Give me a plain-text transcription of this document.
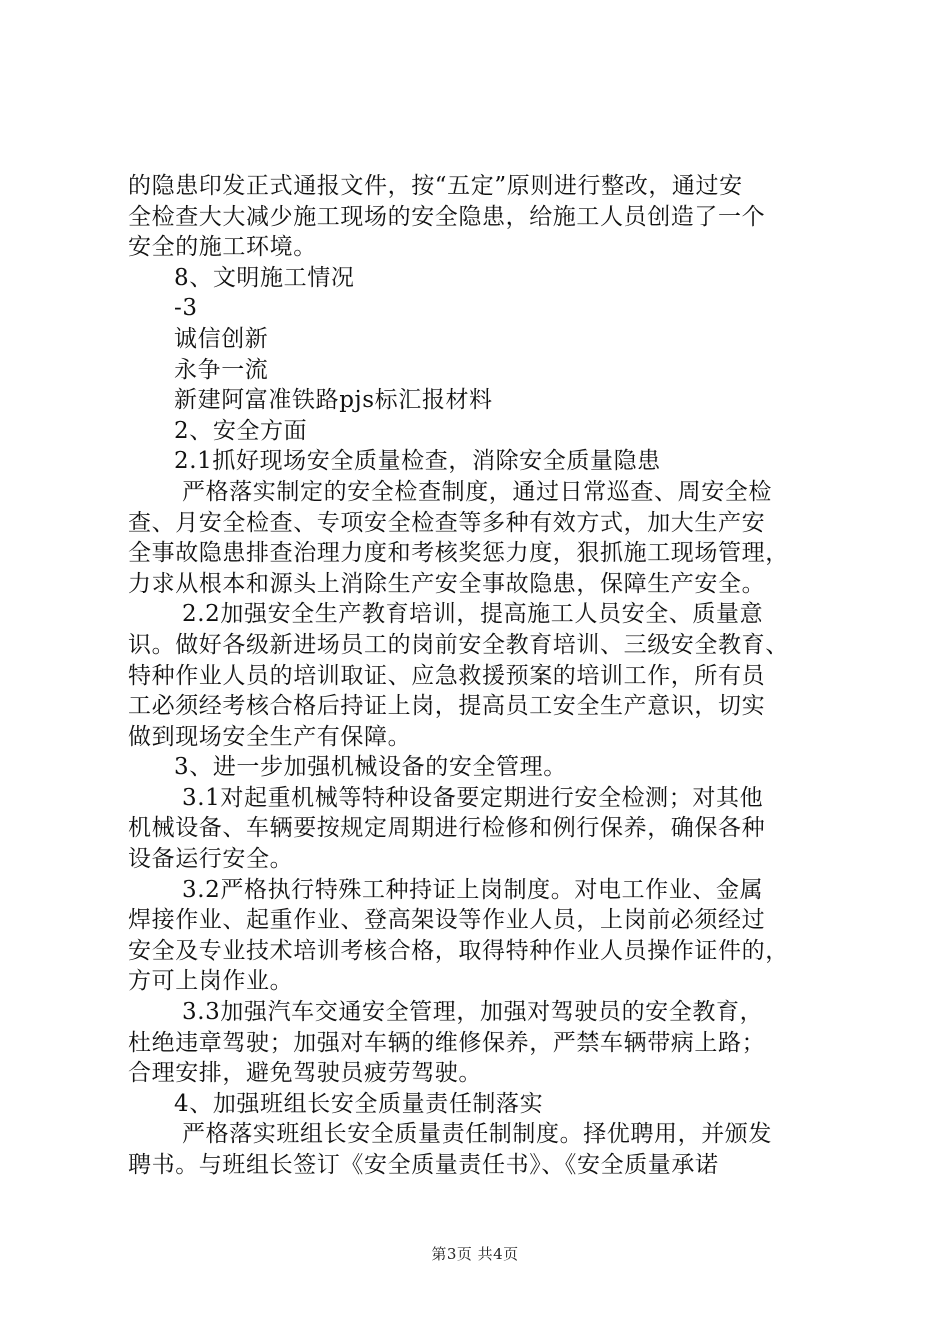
的隐患印发正式通报文件，按“五定”原则进行整改，通过安
全检查大大减少施工现场的安全隐患，给施工人员创造了一个
安全的施工环境。
8、文明施工情况
-3
诚信创新
永争一流
新建阿富准铁路pjs标汇报材料
2、安全方面
2.1抓好现场安全质量检查，消除安全质量隐患
严格落实制定的安全检查制度，通过日常巡查、周安全检
查、月安全检查、专项安全检查等多种有效方式，加大生产安
全事故隐患排查治理力度和考核奖惩力度，狠抓施工现场管理，
力求从根本和源头上消除生产安全事故隐患，保障生产安全。
2.2加强安全生产教育培训，提高施工人员安全、质量意
识。做好各级新进场员工的岗前安全教育培训、三级安全教育、
特种作业人员的培训取证、应急救援预案的培训工作，所有员
工必须经考核合格后持证上岗，提高员工安全生产意识，切实
做到现场安全生产有保障。
3、进一步加强机械设备的安全管理。
3.1对起重机械等特种设备要定期进行安全检测；对其他
机械设备、车辆要按规定周期进行检修和例行保养，确保各种
设备运行安全。
3.2严格执行特殊工种持证上岗制度。对电工作业、金属
焊接作业、起重作业、登高架设等作业人员，上岗前必须经过
安全及专业技术培训考核合格，取得特种作业人员操作证件的，
方可上岗作业。
3.3加强汽车交通安全管理，加强对驾驶员的安全教育，
杜绝违章驾驶；加强对车辆的维修保养，严禁车辆带病上路；
合理安排，避免驾驶员疲劳驾驶。
4、加强班组长安全质量责任制落实
严格落实班组长安全质量责任制制度。择优聘用，并颁发
聘书。与班组长签订《安全质量责任书》、《安全质量承诺
第3页 共4页
